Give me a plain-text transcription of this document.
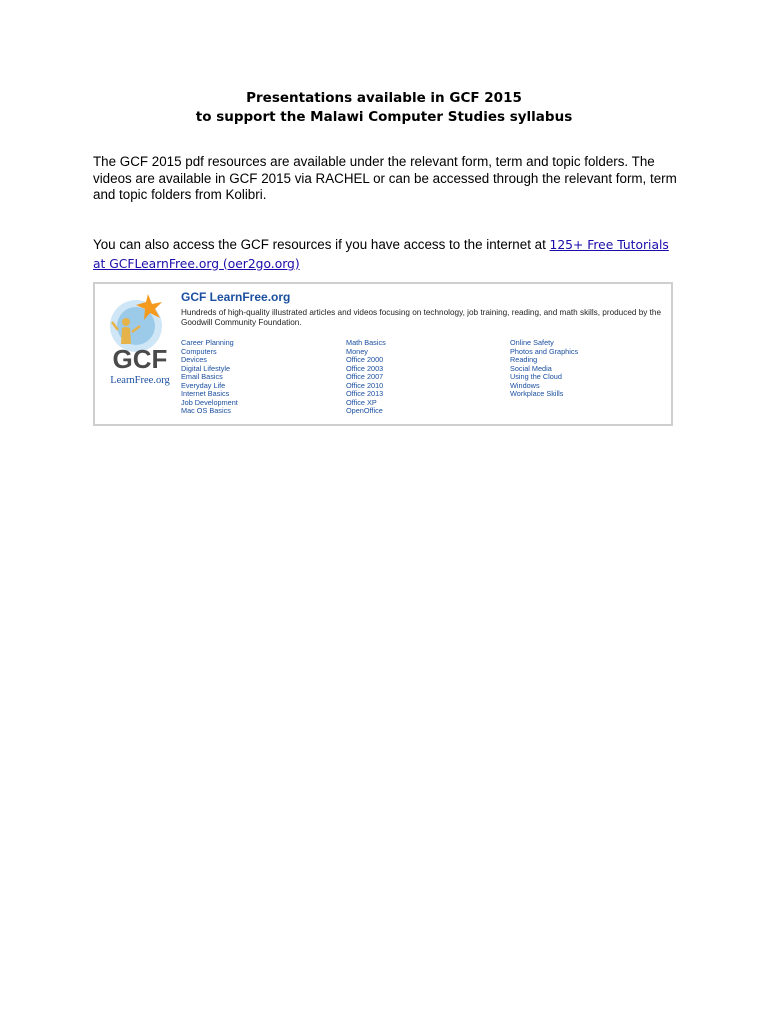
Presentations available in GCF 2015
to support the Malawi Computer Studies syllabus
The GCF 2015 pdf resources are available under the relevant form, term and topic folders. The videos are available in GCF 2015 via RACHEL or can be accessed through the relevant form, term and topic folders from Kolibri.
You can also access the GCF resources if you have access to the internet at 125+ Free Tutorials at GCFLearnFree.org (oer2go.org)
GCF
LearnFree.org
GCF LearnFree.org
Hundreds of high-quality illustrated articles and videos focusing on technology, job training, reading, and math skills, produced by the Goodwill Community Foundation.
Career Planning
Computers
Devices
Digital Lifestyle
Email Basics
Everyday Life
Internet Basics
Job Development
Mac OS Basics
Math Basics
Money
Office 2000
Office 2003
Office 2007
Office 2010
Office 2013
Office XP
OpenOffice
Online Safety
Photos and Graphics
Reading
Social Media
Using the Cloud
Windows
Workplace Skills
